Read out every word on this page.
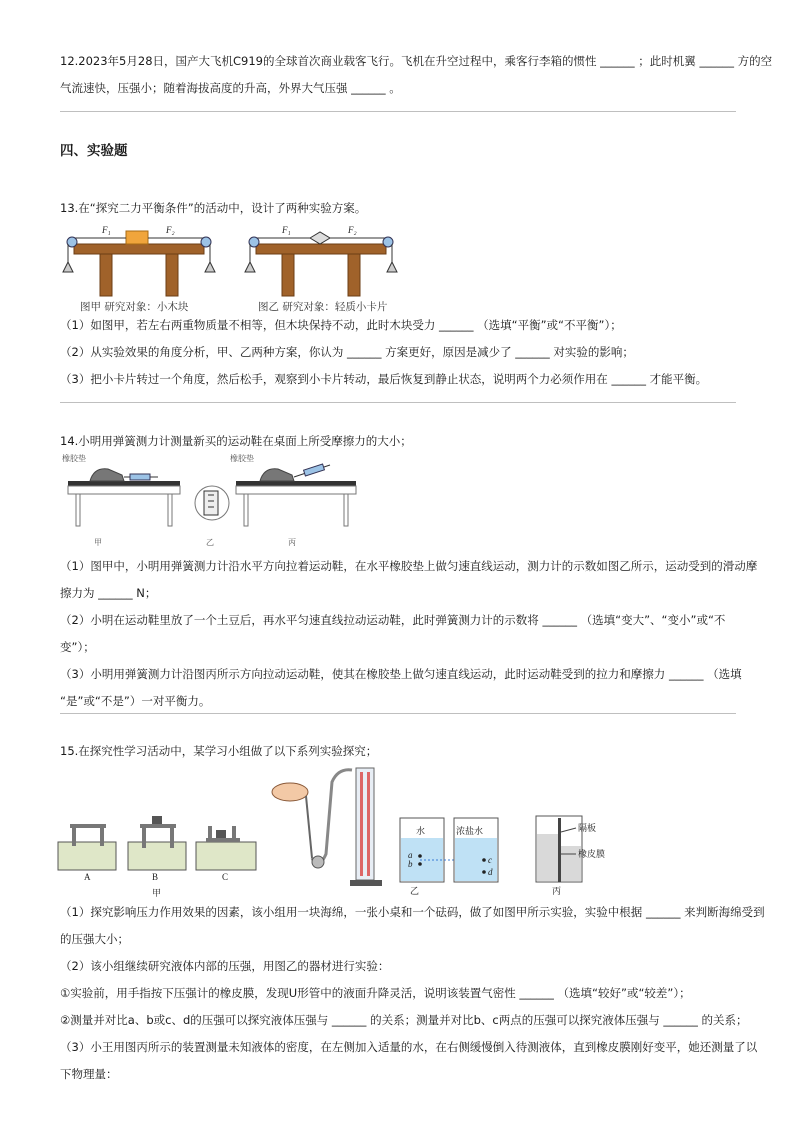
12.2023年5月28日，国产大飞机C919的全球首次商业载客飞行。飞机在升空过程中，乘客行李箱的惯性 ______ ；此时机翼 ______ 方的空
气流速快，压强小；随着海拔高度的升高，外界大气压强 ______ 。
四、实验题
13.在“探究二力平衡条件”的活动中，设计了两种实验方案。
F₁	F₂	F₁	F₂
图甲 研究对象：小木块	图乙 研究对象：轻质小卡片
（1）如图甲，若左右两重物质量不相等，但木块保持不动，此时木块受力 ______ （选填“平衡”或“不平衡”）；
（2）从实验效果的角度分析，甲、乙两种方案，你认为 ______ 方案更好，原因是减少了 ______ 对实验的影响；
（3）把小卡片转过一个角度，然后松手，观察到小卡片转动，最后恢复到静止状态，说明两个力必须作用在 ______ 才能平衡。
14.小明用弹簧测力计测量新买的运动鞋在桌面上所受摩擦力的大小；
橡胶垫	橡胶垫
甲	乙	丙
（1）图甲中，小明用弹簧测力计沿水平方向拉着运动鞋，在水平橡胶垫上做匀速直线运动，测力计的示数如图乙所示，运动受到的滑动摩
擦力为 ______ N；
（2）小明在运动鞋里放了一个土豆后，再水平匀速直线拉动运动鞋，此时弹簧测力计的示数将 ______ （选填“变大”、“变小”或“不
变”）；
（3）小明用弹簧测力计沿图丙所示方向拉动运动鞋，使其在橡胶垫上做匀速直线运动，此时运动鞋受到的拉力和摩擦力 ______ （选填
“是”或“不是”）一对平衡力。
15.在探究性学习活动中，某学习小组做了以下系列实验探究；
A	B	C
甲
水	浓盐水
a
b	c
d
乙
隔板
橡皮膜
丙
（1）探究影响压力作用效果的因素，该小组用一块海绵，一张小桌和一个砝码，做了如图甲所示实验，实验中根据 ______ 来判断海绵受到
的压强大小；
（2）该小组继续研究液体内部的压强，用图乙的器材进行实验：
①实验前，用手指按下压强计的橡皮膜，发现U形管中的液面升降灵活，说明该装置气密性 ______ （选填“较好”或“较差”）；
②测量并对比a、b或c、d的压强可以探究液体压强与 ______ 的关系；测量并对比b、c两点的压强可以探究液体压强与 ______ 的关系；
（3）小王用图丙所示的装置测量未知液体的密度，在左侧加入适量的水，在右侧缓慢倒入待测液体，直到橡皮膜刚好变平，她还测量了以
下物理量：
